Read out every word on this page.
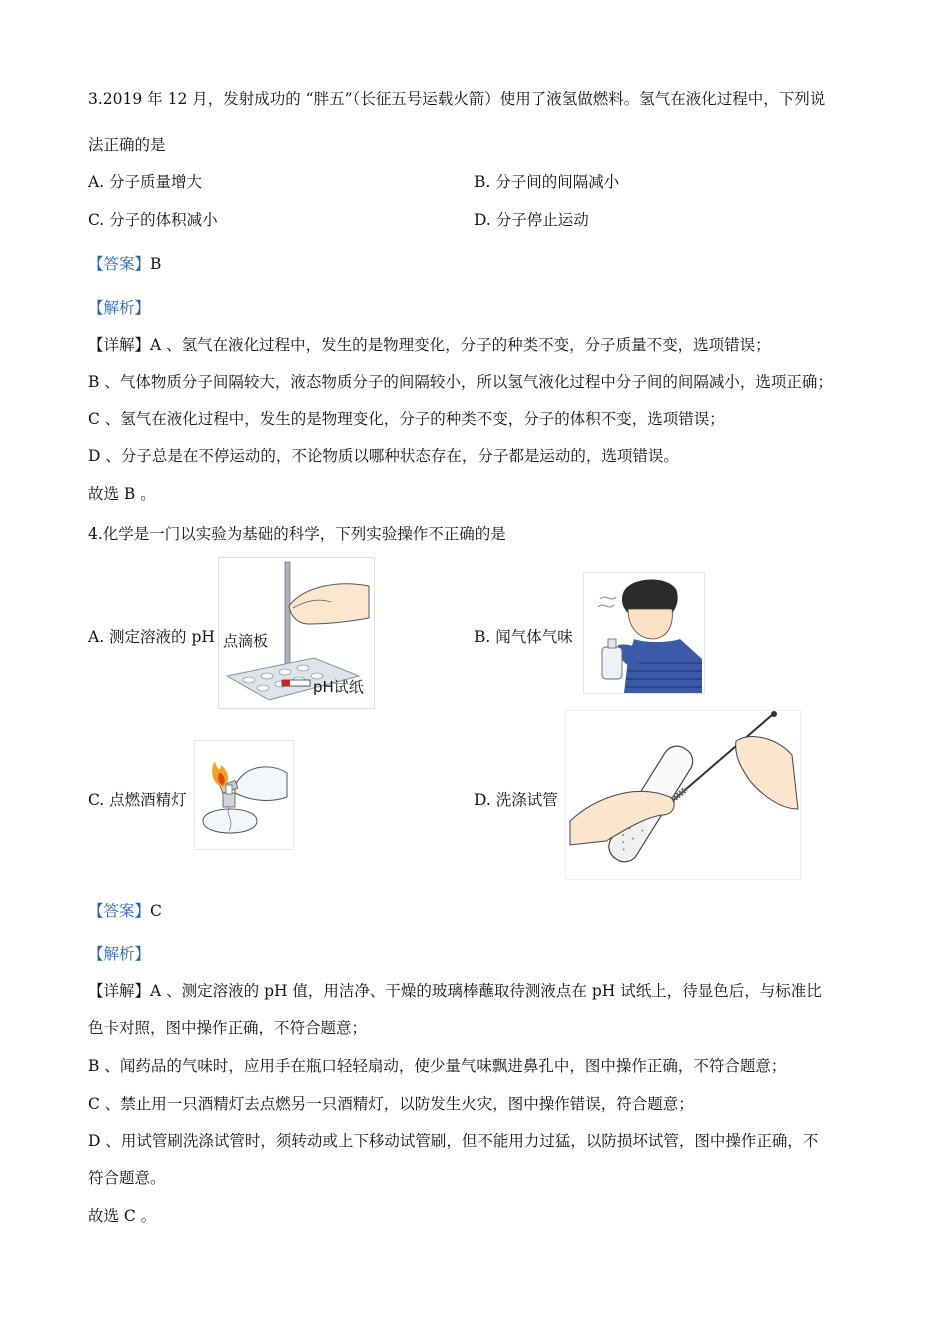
3.2019 年 12 月，发射成功的 “胖五”（长征五号运载火箭）使用了液氢做燃料。氢气在液化过程中，下列说
法正确的是
A. 分子质量增大	B. 分子间的间隔减小
C. 分子的体积减小	D. 分子停止运动
【答案】B
【解析】
【详解】A 、氢气在液化过程中，发生的是物理变化，分子的种类不变，分子质量不变，选项错误；
B 、气体物质分子间隔较大，液态物质分子的间隔较小，所以氢气液化过程中分子间的间隔减小，选项正确；
C 、氢气在液化过程中，发生的是物理变化，分子的种类不变，分子的体积不变，选项错误；
D 、分子总是在不停运动的，不论物质以哪种状态存在，分子都是运动的，选项错误。
故选 B 。
4.化学是一门以实验为基础的科学，下列实验操作不正确的是
A. 测定溶液的 pH 点滴板
pH试纸
B. 闻气体气味
C. 点燃酒精灯	D. 洗涤试管
【答案】C
【解析】
【详解】A 、测定溶液的 pH 值，用洁净、干燥的玻璃棒蘸取待测液点在 pH 试纸上，待显色后，与标准比
色卡对照，图中操作正确，不符合题意；
B 、闻药品的气味时，应用手在瓶口轻轻扇动，使少量气味飘进鼻孔中，图中操作正确，不符合题意；
C 、禁止用一只酒精灯去点燃另一只酒精灯，以防发生火灾，图中操作错误，符合题意；
D 、用试管刷洗涤试管时，须转动或上下移动试管刷，但不能用力过猛，以防损坏试管，图中操作正确，不
符合题意。
故选 C 。
